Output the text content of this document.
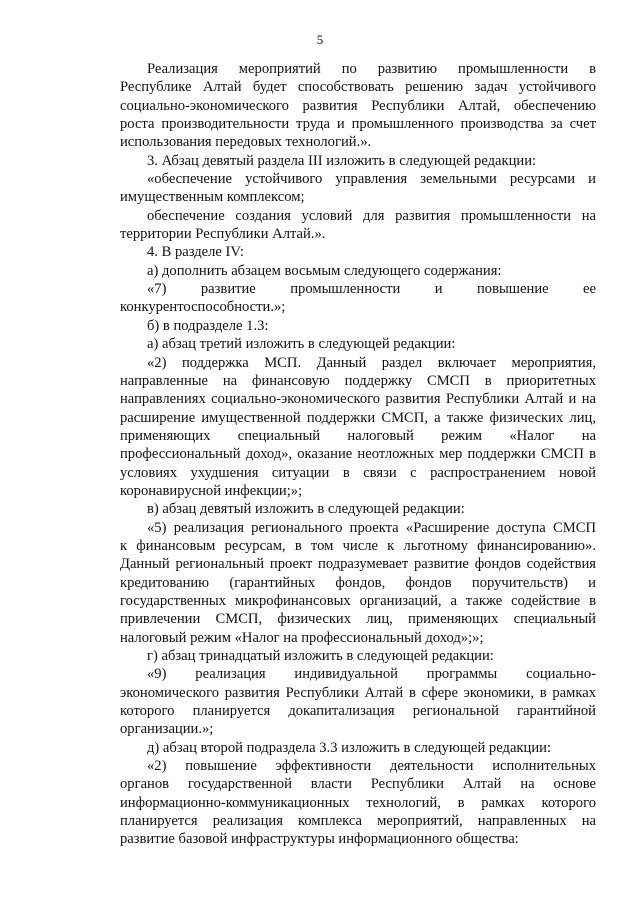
5
Реализация мероприятий по развитию промышленности в
Республике Алтай будет способствовать решению задач устойчивого
социально-экономического развития Республики Алтай, обеспечению
роста производительности труда и промышленного производства за счет
использования передовых технологий.».
3. Абзац девятый раздела III изложить в следующей редакции:
«обеспечение устойчивого управления земельными ресурсами и
имущественным комплексом;
обеспечение создания условий для развития промышленности на
территории Республики Алтай.».
4. В разделе IV:
а) дополнить абзацем восьмым следующего содержания:
«7) развитие промышленности и повышение ее
конкурентоспособности.»;
б) в подразделе 1.3:
а) абзац третий изложить в следующей редакции:
«2) поддержка МСП. Данный раздел включает мероприятия,
направленные на финансовую поддержку СМСП в приоритетных
направлениях социально-экономического развития Республики Алтай и на
расширение имущественной поддержки СМСП, а также физических лиц,
применяющих специальный налоговый режим «Налог на
профессиональный доход», оказание неотложных мер поддержки СМСП в
условиях ухудшения ситуации в связи с распространением новой
коронавирусной инфекции;»;
в) абзац девятый изложить в следующей редакции:
«5) реализация регионального проекта «Расширение доступа СМСП
к финансовым ресурсам, в том числе к льготному финансированию».
Данный региональный проект подразумевает развитие фондов содействия
кредитованию (гарантийных фондов, фондов поручительств) и
государственных микрофинансовых организаций, а также содействие в
привлечении СМСП, физических лиц, применяющих специальный
налоговый режим «Налог на профессиональный доход»;»;
г) абзац тринадцатый изложить в следующей редакции:
«9) реализация индивидуальной программы социально-
экономического развития Республики Алтай в сфере экономики, в рамках
которого планируется докапитализация региональной гарантийной
организации.»;
д) абзац второй подраздела 3.3 изложить в следующей редакции:
«2) повышение эффективности деятельности исполнительных
органов государственной власти Республики Алтай на основе
информационно-коммуникационных технологий, в рамках которого
планируется реализация комплекса мероприятий, направленных на
развитие базовой инфраструктуры информационного общества:
